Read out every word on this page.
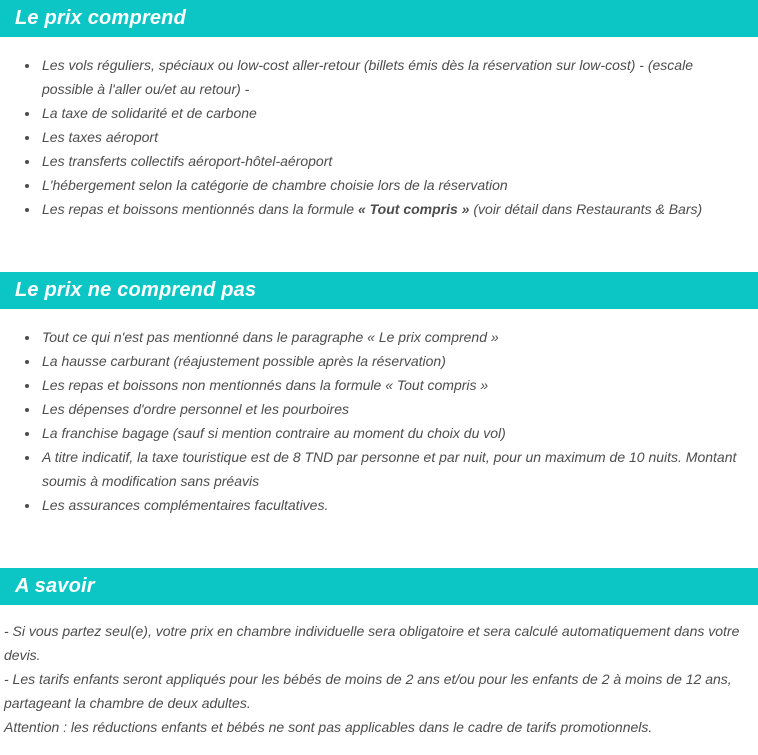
Le prix comprend
• Les vols réguliers, spéciaux ou low-cost aller-retour (billets émis dès la réservation sur low-cost) - (escale possible à l'aller ou/et au retour) -
• La taxe de solidarité et de carbone
• Les taxes aéroport
• Les transferts collectifs aéroport-hôtel-aéroport
• L'hébergement selon la catégorie de chambre choisie lors de la réservation
• Les repas et boissons mentionnés dans la formule « Tout compris » (voir détail dans Restaurants & Bars)
Le prix ne comprend pas
• Tout ce qui n'est pas mentionné dans le paragraphe « Le prix comprend »
• La hausse carburant (réajustement possible après la réservation)
• Les repas et boissons non mentionnés dans la formule « Tout compris »
• Les dépenses d'ordre personnel et les pourboires
• La franchise bagage (sauf si mention contraire au moment du choix du vol)
• A titre indicatif, la taxe touristique est de 8 TND par personne et par nuit, pour un maximum de 10 nuits. Montant soumis à modification sans préavis
• Les assurances complémentaires facultatives.
A savoir

- Si vous partez seul(e), votre prix en chambre individuelle sera obligatoire et sera calculé automatiquement dans votre devis.

- Les tarifs enfants seront appliqués pour les bébés de moins de 2 ans et/ou pour les enfants de 2 à moins de 12 ans, partageant la chambre de deux adultes.

Attention : les réductions enfants et bébés ne sont pas applicables dans le cadre de tarifs promotionnels.
